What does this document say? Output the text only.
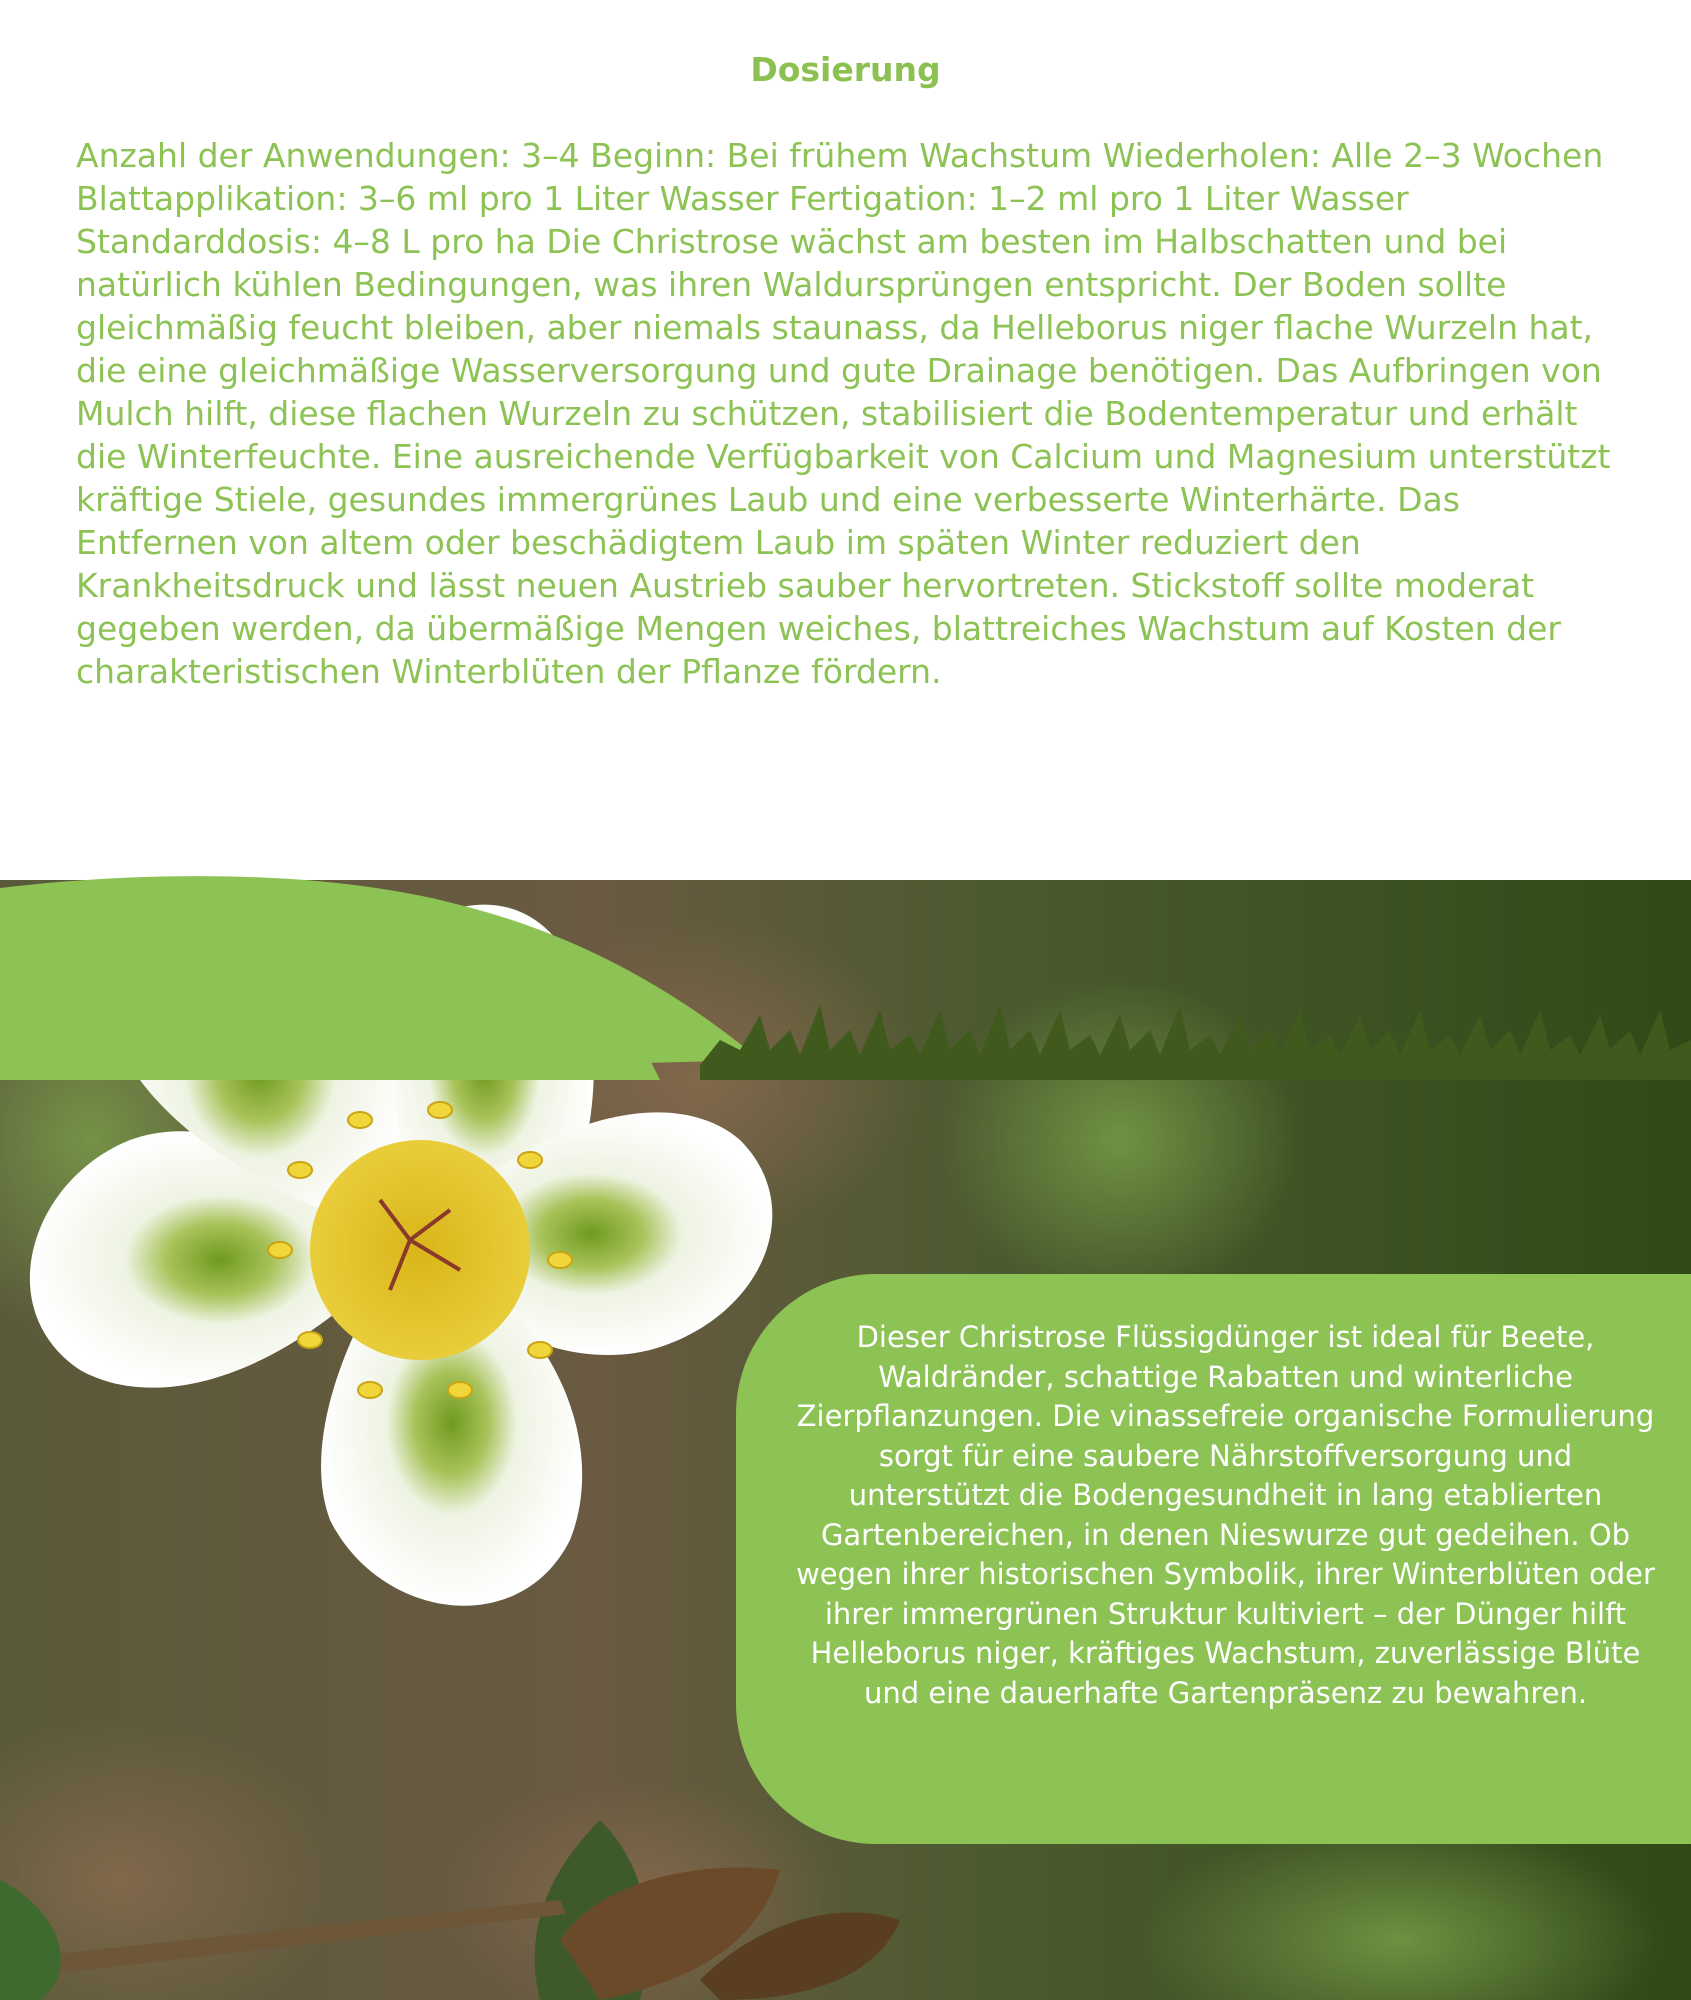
Dosierung

Anzahl der Anwendungen: 3–4 Beginn: Bei frühem Wachstum Wiederholen: Alle 2–3 Wochen Blattapplikation: 3–6 ml pro 1 Liter Wasser Fertigation: 1–2 ml pro 1 Liter Wasser Standarddosis: 4–8 L pro ha Die Christrose wächst am besten im Halbschatten und bei natürlich kühlen Bedingungen, was ihren Waldursprüngen entspricht. Der Boden sollte gleichmäßig feucht bleiben, aber niemals staunass, da Helleborus niger flache Wurzeln hat, die eine gleichmäßige Wasserversorgung und gute Drainage benötigen. Das Aufbringen von Mulch hilft, diese flachen Wurzeln zu schützen, stabilisiert die Bodentemperatur und erhält die Winterfeuchte. Eine ausreichende Verfügbarkeit von Calcium und Magnesium unterstützt kräftige Stiele, gesundes immergrünes Laub und eine verbesserte Winterhärte. Das Entfernen von altem oder beschädigtem Laub im späten Winter reduziert den Krankheitsdruck und lässt neuen Austrieb sauber hervortreten. Stickstoff sollte moderat gegeben werden, da übermäßige Mengen weiches, blattreiches Wachstum auf Kosten der charakteristischen Winterblüten der Pflanze fördern.

Dieser Christrose Flüssigdünger ist ideal für Beete, Waldränder, schattige Rabatten und winterliche Zierpflanzungen. Die vinassefreie organische Formulierung sorgt für eine saubere Nährstoffversorgung und unterstützt die Bodengesundheit in lang etablierten Gartenbereichen, in denen Nieswurze gut gedeihen. Ob wegen ihrer historischen Symbolik, ihrer Winterblüten oder ihrer immergrünen Struktur kultiviert – der Dünger hilft Helleborus niger, kräftiges Wachstum, zuverlässige Blüte und eine dauerhafte Gartenpräsenz zu bewahren.
